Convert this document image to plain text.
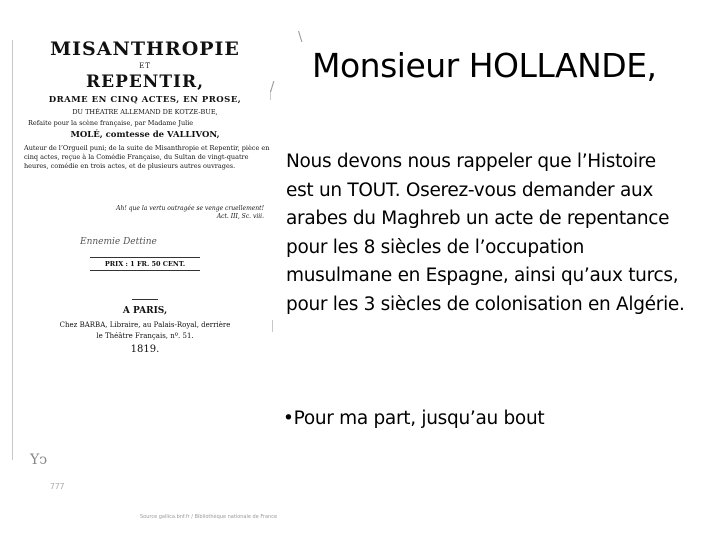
MISANTHROPIE

ET

REPENTIR,

DRAME EN CINQ ACTES, EN PROSE,

DU THÉATRE ALLEMAND DE KOTZE-BUE,

Refaite pour la scène française, par Madame Julie

MOLÉ, comtesse de VALLIVON,

Auteur de l’Orgueil puni; de la suite de Misanthropie et Repentir, pièce en cinq actes, reçue à la Comédie Française, du Sultan de vingt-quatre heures, comédie en trois actes, et de plusieurs autres ouvrages.

Ah! que la vertu outragée se venge cruellement!
Act. III, Sc. viii.

Ennemie Dettine

PRIX : 1 FR. 50 CENT.

A PARIS,

Chez BARBA, Libraire, au Palais-Royal, derrière

le Théâtre Français, nº. 51.

1819.

Yↄ
777
Source gallica.bnf.fr / Bibliothèque nationale de France
\
/
Monsieur HOLLANDE,

Nous devons nous rappeler que l’Histoire est un TOUT. Oserez-vous demander aux arabes du Maghreb un acte de repentance pour les 8 siècles de l’occupation musulmane en Espagne, ainsi qu’aux turcs, pour les 3 siècles de colonisation en Algérie.

•Pour ma part, jusqu’au bout
